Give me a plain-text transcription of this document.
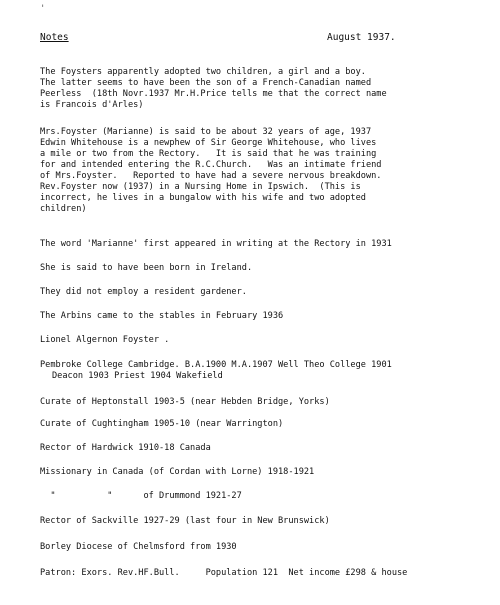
'
Notes	August 1937.
The Foysters apparently adopted two children, a girl and a boy.
The latter seems to have been the son of a French-Canadian named
Peerless  (18th Novr.1937 Mr.H.Price tells me that the correct name
is Francois d'Arles)
Mrs.Foyster (Marianne) is said to be about 32 years of age, 1937
Edwin Whitehouse is a newphew of Sir George Whitehouse, who lives
a mile or two from the Rectory.   It is said that he was training
for and intended entering the R.C.Church.   Was an intimate friend
of Mrs.Foyster.   Reported to have had a severe nervous breakdown.
Rev.Foyster now (1937) in a Nursing Home in Ipswich.  (This is
incorrect, he lives in a bungalow with his wife and two adopted
children)
The word 'Marianne' first appeared in writing at the Rectory in 1931
She is said to have been born in Ireland.
They did not employ a resident gardener.
The Arbins came to the stables in February 1936
Lionel Algernon Foyster .
Pembroke College Cambridge. B.A.1900 M.A.1907 Well Theo College 1901
Deacon 1903 Priest 1904 Wakefield
Curate of Heptonstall 1903-5 (near Hebden Bridge, Yorks)
Curate of Cughtingham 1905-10 (near Warrington)
Rector of Hardwick 1910-18 Canada
Missionary in Canada (of Cordan with Lorne) 1918-1921
"          "      of Drummond 1921-27
Rector of Sackville 1927-29 (last four in New Brunswick)
Borley Diocese of Chelmsford from 1930
Patron: Exors. Rev.HF.Bull.     Population 121  Net income £298 & house
